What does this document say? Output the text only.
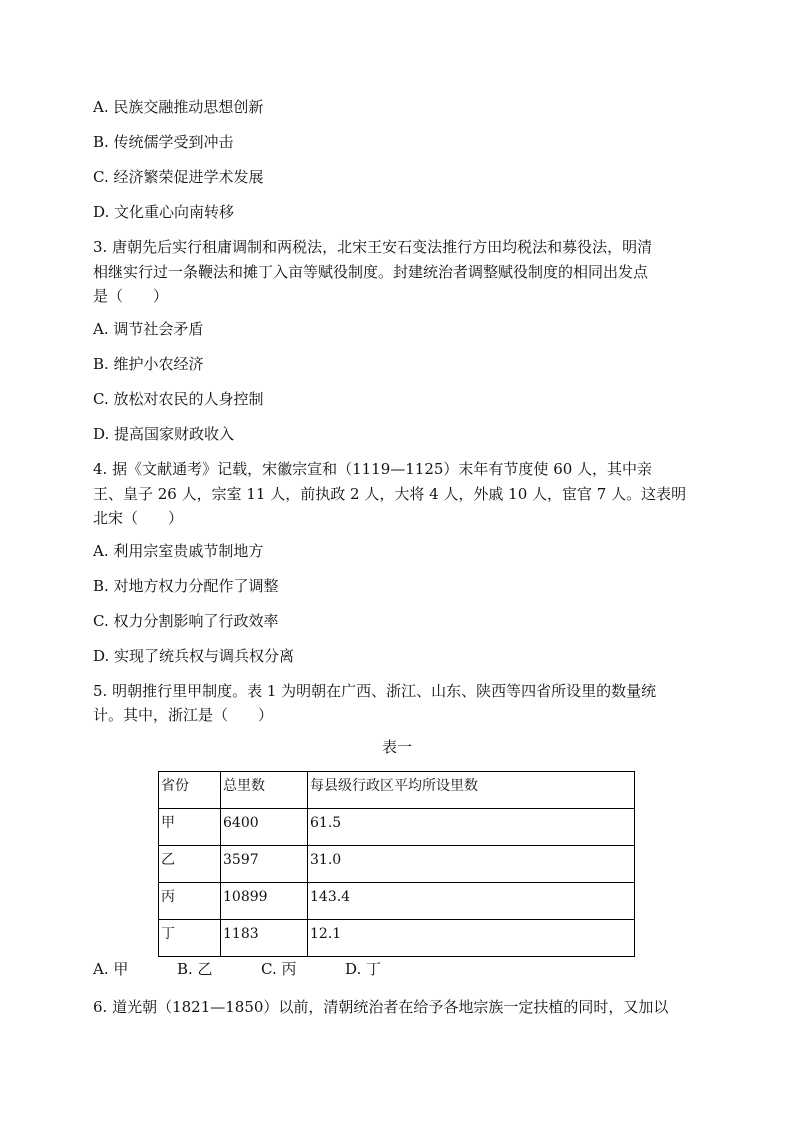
A. 民族交融推动思想创新
B. 传统儒学受到冲击
C. 经济繁荣促进学术发展
D. 文化重心向南转移
3. 唐朝先后实行租庸调制和两税法，北宋王安石变法推行方田均税法和募役法，明清
相继实行过一条鞭法和摊丁入亩等赋役制度。封建统治者调整赋役制度的相同出发点
是（　　）
A. 调节社会矛盾
B. 维护小农经济
C. 放松对农民的人身控制
D. 提高国家财政收入
4. 据《文献通考》记载，宋徽宗宣和（1119—1125）末年有节度使 60 人，其中亲
王、皇子 26 人，宗室 11 人，前执政 2 人，大将 4 人，外戚 10 人，宦官 7 人。这表明
北宋（　　）
A. 利用宗室贵戚节制地方
B. 对地方权力分配作了调整
C. 权力分割影响了行政效率
D. 实现了统兵权与调兵权分离
5. 明朝推行里甲制度。表 1 为明朝在广西、浙江、山东、陕西等四省所设里的数量统
计。其中，浙江是（　　）
表一
省份	总里数	每县级行政区平均所设里数
甲	6400	61.5
乙	3597	31.0
丙	10899	143.4
丁	1183	12.1
A. 甲	B. 乙	C. 丙	D. 丁
6. 道光朝（1821—1850）以前，清朝统治者在给予各地宗族一定扶植的同时，又加以
